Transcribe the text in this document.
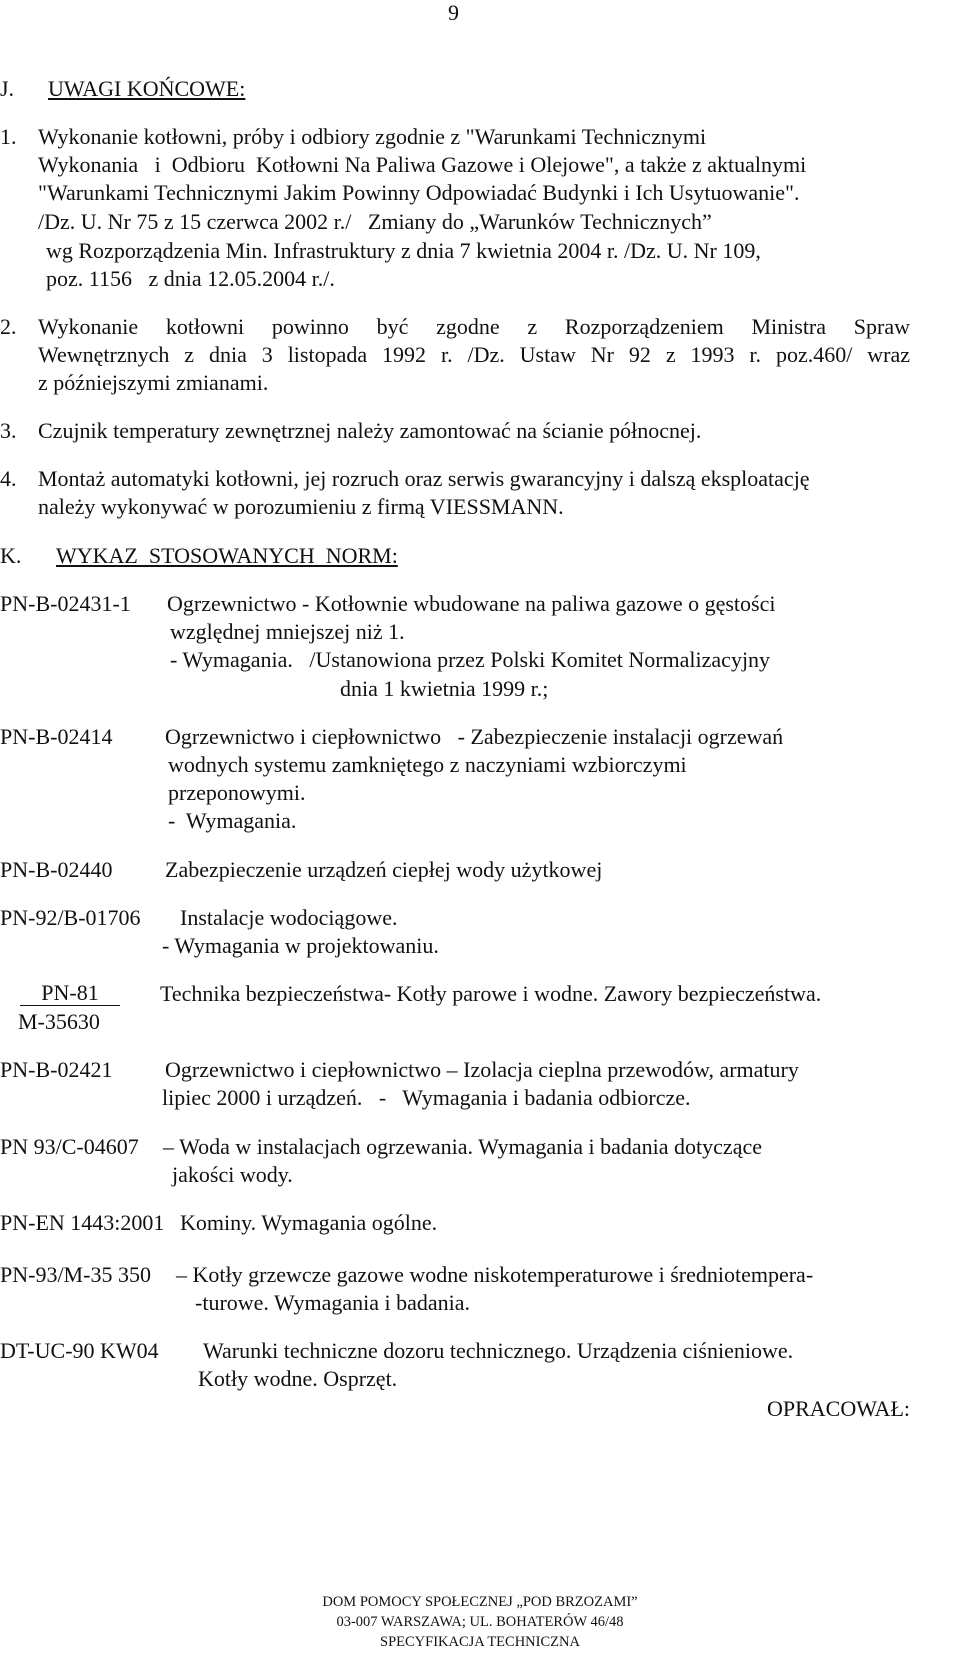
9
J. UWAGI KOŃCOWE:
1. Wykonanie kotłowni, próby i odbiory zgodnie z "Warunkami Technicznymi
Wykonania   i  Odbioru  Kotłowni Na Paliwa Gazowe i Olejowe", a także z aktualnymi
"Warunkami Technicznymi Jakim Powinny Odpowiadać Budynki i Ich Usytuowanie".
/Dz. U. Nr 75 z 15 czerwca 2002 r./   Zmiany do „Warunków Technicznych”
wg Rozporządzenia Min. Infrastruktury z dnia 7 kwietnia 2004 r. /Dz. U. Nr 109,
poz. 1156   z dnia 12.05.2004 r./.
2. Wykonanie kotłowni powinno być zgodne z Rozporządzeniem Ministra Spraw
Wewnętrznych z dnia 3 listopada 1992 r. /Dz. Ustaw Nr 92 z 1993 r. poz.460/ wraz
z późniejszymi zmianami.
3. Czujnik temperatury zewnętrznej należy zamontować na ścianie północnej.
4. Montaż automatyki kotłowni, jej rozruch oraz serwis gwarancyjny i dalszą eksploatację
należy wykonywać w porozumieniu z firmą VIESSMANN.
K. WYKAZ  STOSOWANYCH  NORM:
PN-B-02431-1 Ogrzewnictwo - Kotłownie wbudowane na paliwa gazowe o gęstości
względnej mniejszej niż 1.
- Wymagania.   /Ustanowiona przez Polski Komitet Normalizacyjny
dnia 1 kwietnia 1999 r.;
PN-B-02414 Ogrzewnictwo i ciepłownictwo   - Zabezpieczenie instalacji ogrzewań
wodnych systemu zamkniętego z naczyniami wzbiorczymi
przeponowymi.
-  Wymagania.
PN-B-02440 Zabezpieczenie urządzeń ciepłej wody użytkowej
PN-92/B-01706 Instalacje wodociągowe.
- Wymagania w projektowaniu.
PN-81
M-35630
Technika bezpieczeństwa- Kotły parowe i wodne. Zawory bezpieczeństwa.
PN-B-02421 Ogrzewnictwo i ciepłownictwo – Izolacja cieplna przewodów, armatury
lipiec 2000 i urządzeń.   -   Wymagania i badania odbiorcze.
PN 93/C-04607 – Woda w instalacjach ogrzewania. Wymagania i badania dotyczące
jakości wody.
PN-EN 1443:2001 Kominy. Wymagania ogólne.
PN-93/M-35 350 – Kotły grzewcze gazowe wodne niskotemperaturowe i średniotempera-
-turowe. Wymagania i badania.
DT-UC-90 KW04 Warunki techniczne dozoru technicznego. Urządzenia ciśnieniowe.
Kotły wodne. Osprzęt.
OPRACOWAŁ:
DOM POMOCY SPOŁECZNEJ „POD BRZOZAMI”
03-007 WARSZAWA; UL. BOHATERÓW 46/48
SPECYFIKACJA TECHNICZNA
